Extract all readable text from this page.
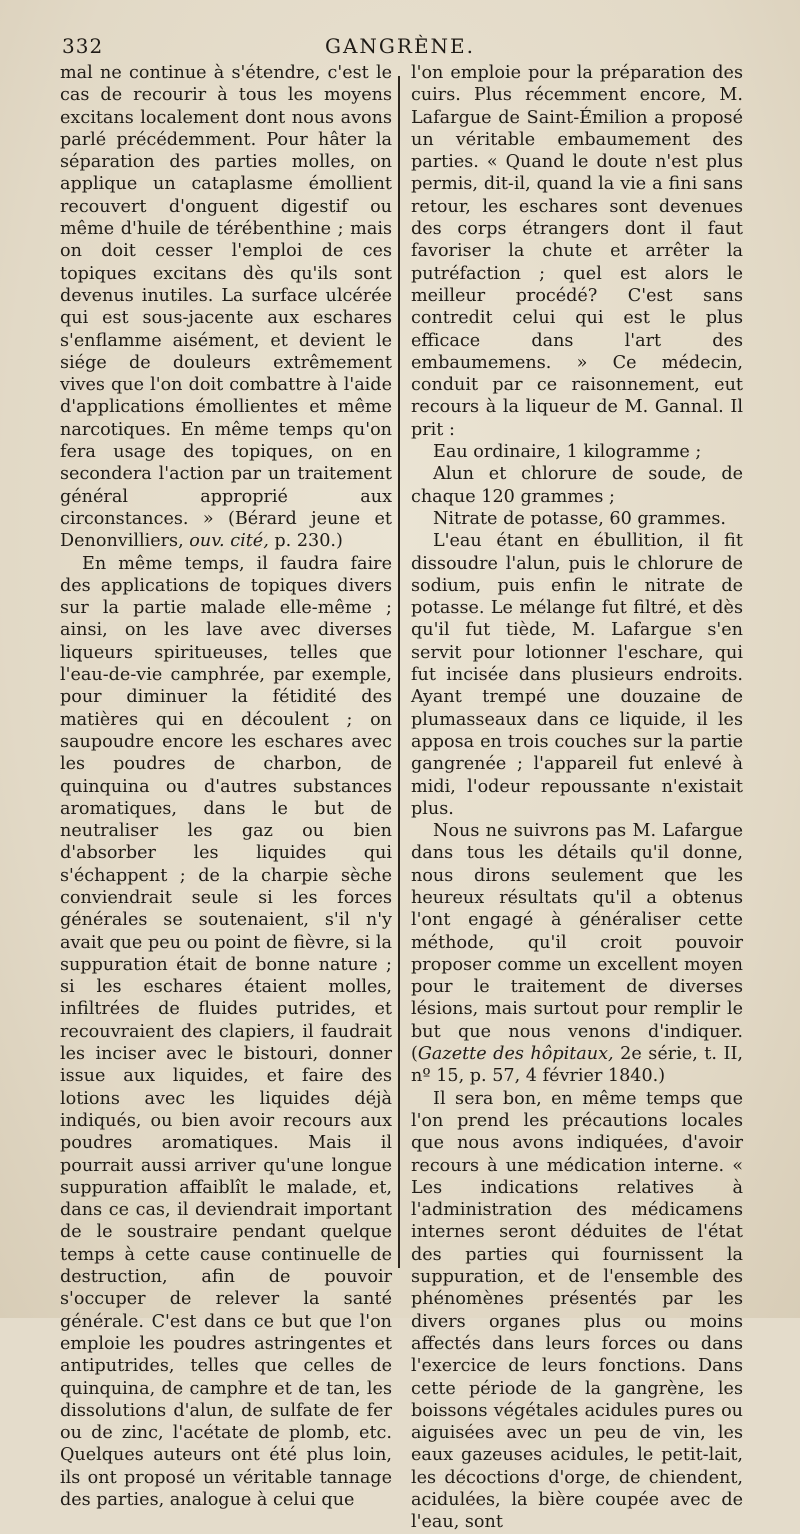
332	GANGRÈNE.

mal ne continue à s'étendre, c'est le cas de recourir à tous les moyens excitans localement dont nous avons parlé précédemment. Pour hâter la séparation des parties molles, on applique un cataplasme émollient recouvert d'onguent digestif ou même d'huile de térébenthine ; mais on doit cesser l'emploi de ces topiques excitans dès qu'ils sont devenus inutiles. La surface ulcérée qui est sous-jacente aux eschares s'enflamme aisément, et devient le siége de douleurs extrêmement vives que l'on doit combattre à l'aide d'applications émollientes et même narcotiques. En même temps qu'on fera usage des topiques, on en secondera l'action par un traitement général approprié aux circonstances. » (Bérard jeune et Denonvilliers, ouv. cité, p. 230.)

En même temps, il faudra faire des applications de topiques divers sur la partie malade elle-même ; ainsi, on les lave avec diverses liqueurs spiritueuses, telles que l'eau-de-vie camphrée, par exemple, pour diminuer la fétidité des matières qui en découlent ; on saupoudre encore les eschares avec les poudres de charbon, de quinquina ou d'autres substances aromatiques, dans le but de neutraliser les gaz ou bien d'absorber les liquides qui s'échappent ; de la charpie sèche conviendrait seule si les forces générales se soutenaient, s'il n'y avait que peu ou point de fièvre, si la suppuration était de bonne nature ; si les eschares étaient molles, infiltrées de fluides putrides, et recouvraient des clapiers, il faudrait les inciser avec le bistouri, donner issue aux liquides, et faire des lotions avec les liquides déjà indiqués, ou bien avoir recours aux poudres aromatiques. Mais il pourrait aussi arriver qu'une longue suppuration affaiblît le malade, et, dans ce cas, il deviendrait important de le soustraire pendant quelque temps à cette cause continuelle de destruction, afin de pouvoir s'occuper de relever la santé générale. C'est dans ce but que l'on emploie les poudres astringentes et antiputrides, telles que celles de quinquina, de camphre et de tan, les dissolutions d'alun, de sulfate de fer ou de zinc, l'acétate de plomb, etc. Quelques auteurs ont été plus loin, ils ont proposé un véritable tannage des parties, analogue à celui que

l'on emploie pour la préparation des cuirs. Plus récemment encore, M. Lafargue de Saint-Émilion a proposé un véritable embaumement des parties. « Quand le doute n'est plus permis, dit-il, quand la vie a fini sans retour, les eschares sont devenues des corps étrangers dont il faut favoriser la chute et arrêter la putréfaction ; quel est alors le meilleur procédé? C'est sans contredit celui qui est le plus efficace dans l'art des embaumemens. » Ce médecin, conduit par ce raisonnement, eut recours à la liqueur de M. Gannal. Il prit :

Eau ordinaire, 1 kilogramme ;

Alun et chlorure de soude, de chaque 120 grammes ;

Nitrate de potasse, 60 grammes.

L'eau étant en ébullition, il fit dissoudre l'alun, puis le chlorure de sodium, puis enfin le nitrate de potasse. Le mélange fut filtré, et dès qu'il fut tiède, M. Lafargue s'en servit pour lotionner l'eschare, qui fut incisée dans plusieurs endroits. Ayant trempé une douzaine de plumasseaux dans ce liquide, il les apposa en trois couches sur la partie gangrenée ; l'appareil fut enlevé à midi, l'odeur repoussante n'existait plus.

Nous ne suivrons pas M. Lafargue dans tous les détails qu'il donne, nous dirons seulement que les heureux résultats qu'il a obtenus l'ont engagé à généraliser cette méthode, qu'il croit pouvoir proposer comme un excellent moyen pour le traitement de diverses lésions, mais surtout pour remplir le but que nous venons d'indiquer. (Gazette des hôpitaux, 2e série, t. II, nº 15, p. 57, 4 février 1840.)

Il sera bon, en même temps que l'on prend les précautions locales que nous avons indiquées, d'avoir recours à une médication interne. « Les indications relatives à l'administration des médicamens internes seront déduites de l'état des parties qui fournissent la suppuration, et de l'ensemble des phénomènes présentés par les divers organes plus ou moins affectés dans leurs forces ou dans l'exercice de leurs fonctions. Dans cette période de la gangrène, les boissons végétales acidules pures ou aiguisées avec un peu de vin, les eaux gazeuses acidules, le petit-lait, les décoctions d'orge, de chiendent, acidulées, la bière coupée avec de l'eau, sont
